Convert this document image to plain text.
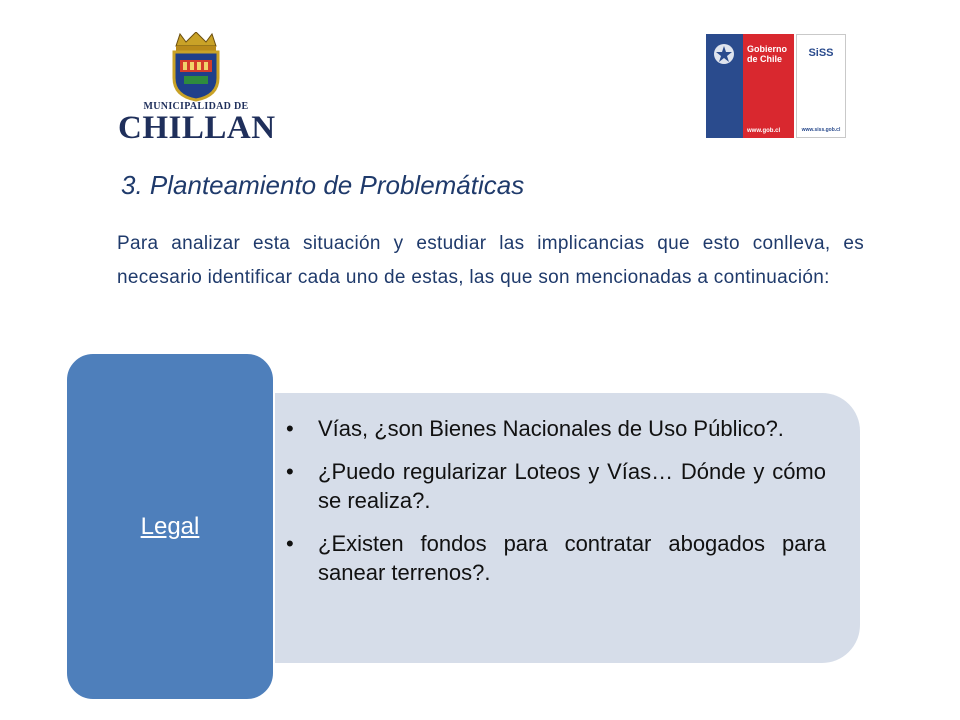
MUNICIPALIDAD DE
CHILLAN
Gobierno
de Chile
www.gob.cl
SiSS
www.siss.gob.cl
3. Planteamiento de Problemáticas

Para analizar esta situación y estudiar las implicancias que esto conlleva, es necesario identificar cada uno de estas, las que son mencionadas a continuación:

• Vías, ¿son Bienes Nacionales de Uso Público?.
• ¿Puedo regularizar Loteos y Vías… Dónde y cómo se realiza?.
• ¿Existen fondos para contratar abogados para sanear terrenos?.
Legal
